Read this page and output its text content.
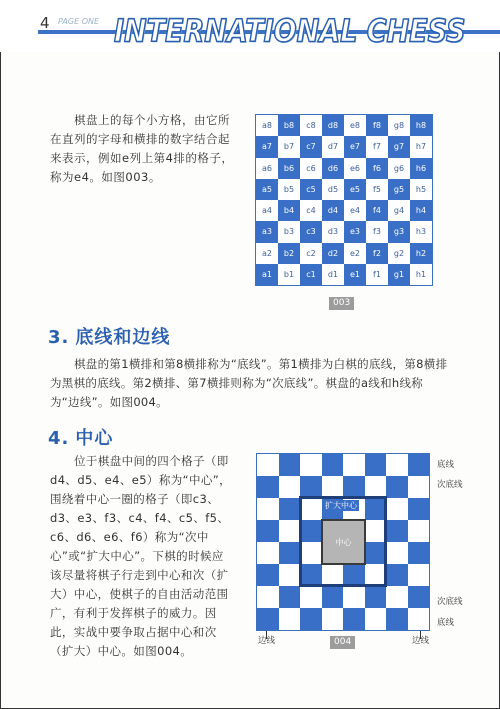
4 PAGE ONE INTERNATIONAL CHESS
棋盘上的每个小方格，由它所在直列的字母和横排的数字结合起来表示，例如e列上第4排的格子，称为e4。如图003。
a8	b8	c8	d8	e8	f8	g8	h8
a7	b7	c7	d7	e7	f7	g7	h7
a6	b6	c6	d6	e6	f6	g6	h6
a5	b5	c5	d5	e5	f5	g5	h5
a4	b4	c4	d4	e4	f4	g4	h4
a3	b3	c3	d3	e3	f3	g3	h3
a2	b2	c2	d2	e2	f2	g2	h2
a1	b1	c1	d1	e1	f1	g1	h1
003
3. 底线和边线
棋盘的第1横排和第8横排称为“底线”。第1横排为白棋的底线，第8横排为黑棋的底线。第2横排、第7横排则称为“次底线”。棋盘的a线和h线称为“边线”。如图004。
4. 中心
位于棋盘中间的四个格子（即d4、d5、e4、e5）称为“中心”，围绕着中心一圈的格子（即c3、d3、e3、f3、c4、f4、c5、f5、c6、d6、e6、f6）称为“次中心”或“扩大中心”。下棋的时候应该尽量将棋子行走到中心和次（扩大）中心，使棋子的自由活动范围广，有利于发挥棋子的威力。因此，实战中要争取占据中心和次（扩大）中心。如图004。
扩大中心
中心
底线
次底线
次底线
底线
边线	边线
004
